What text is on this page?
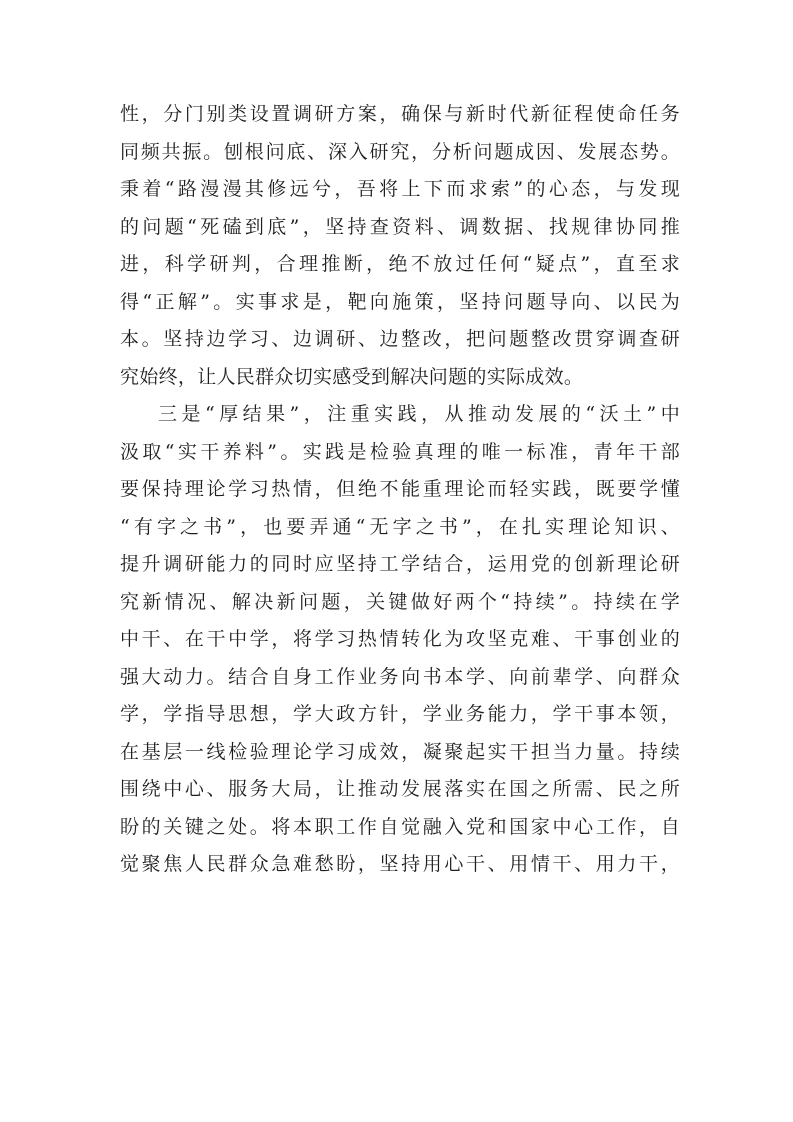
性，分门别类设置调研方案，确保与新时代新征程使命任务
同频共振。刨根问底、深入研究，分析问题成因、发展态势。
秉着“路漫漫其修远兮，吾将上下而求索”的心态，与发现
的问题“死磕到底”，坚持查资料、调数据、找规律协同推
进，科学研判，合理推断，绝不放过任何“疑点”，直至求
得“正解”。实事求是，靶向施策，坚持问题导向、以民为
本。坚持边学习、边调研、边整改，把问题整改贯穿调查研
究始终，让人民群众切实感受到解决问题的实际成效。
三是“厚结果”，注重实践，从推动发展的“沃土”中
汲取“实干养料”。实践是检验真理的唯一标准，青年干部
要保持理论学习热情，但绝不能重理论而轻实践，既要学懂
“有字之书”，也要弄通“无字之书”，在扎实理论知识、
提升调研能力的同时应坚持工学结合，运用党的创新理论研
究新情况、解决新问题，关键做好两个“持续”。持续在学
中干、在干中学，将学习热情转化为攻坚克难、干事创业的
强大动力。结合自身工作业务向书本学、向前辈学、向群众
学，学指导思想，学大政方针，学业务能力，学干事本领，
在基层一线检验理论学习成效，凝聚起实干担当力量。持续
围绕中心、服务大局，让推动发展落实在国之所需、民之所
盼的关键之处。将本职工作自觉融入党和国家中心工作，自
觉聚焦人民群众急难愁盼，坚持用心干、用情干、用力干，
